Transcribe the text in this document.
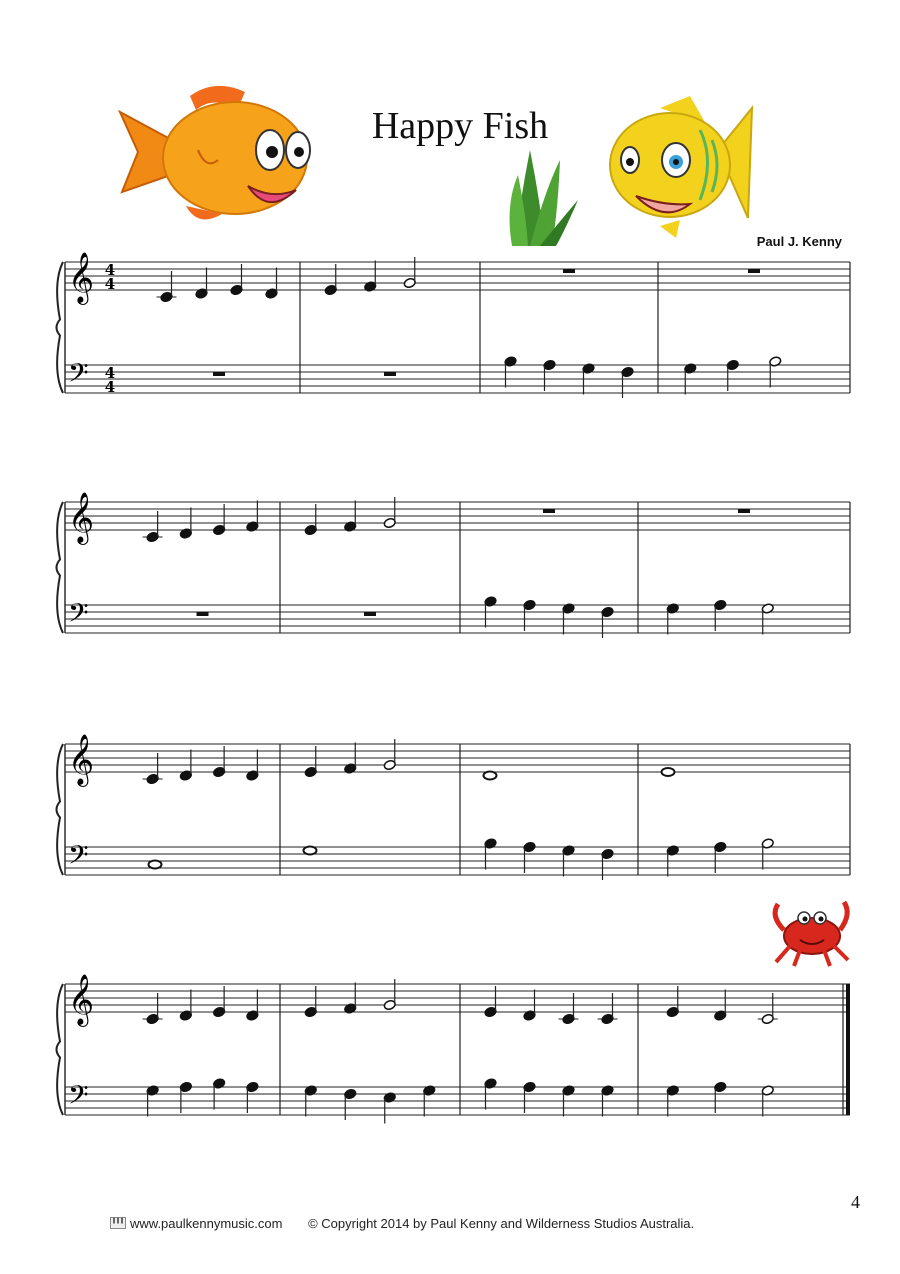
𝄞
𝄢
4
4
4
4
𝄞
𝄢
𝄞
𝄢
𝄞
𝄢
Happy Fish
Paul J. Kenny
4
www.paulkennymusic.com © Copyright 2014 by Paul Kenny and Wilderness Studios Australia.
